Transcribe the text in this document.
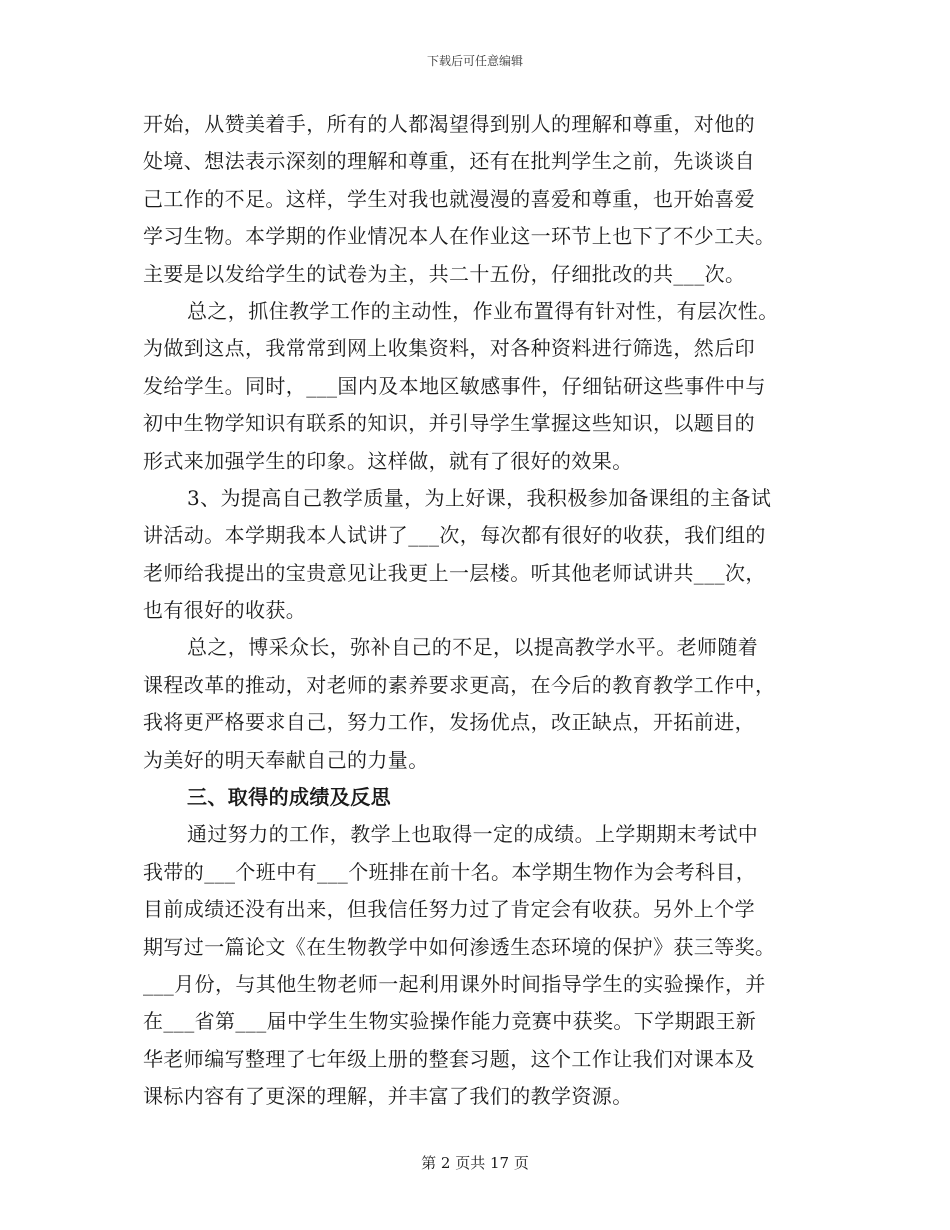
下载后可任意编辑
开始，从赞美着手，所有的人都渴望得到别人的理解和尊重，对他的
处境、想法表示深刻的理解和尊重，还有在批判学生之前，先谈谈自
己工作的不足。这样，学生对我也就漫漫的喜爱和尊重，也开始喜爱
学习生物。本学期的作业情况本人在作业这一环节上也下了不少工夫。
主要是以发给学生的试卷为主，共二十五份，仔细批改的共___次。
总之，抓住教学工作的主动性，作业布置得有针对性，有层次性。
为做到这点，我常常到网上收集资料，对各种资料进行筛选，然后印
发给学生。同时，___国内及本地区敏感事件，仔细钻研这些事件中与
初中生物学知识有联系的知识，并引导学生掌握这些知识，以题目的
形式来加强学生的印象。这样做，就有了很好的效果。
3、为提高自己教学质量，为上好课，我积极参加备课组的主备试
讲活动。本学期我本人试讲了___次，每次都有很好的收获，我们组的
老师给我提出的宝贵意见让我更上一层楼。听其他老师试讲共___次，
也有很好的收获。
总之，博采众长，弥补自己的不足，以提高教学水平。老师随着
课程改革的推动，对老师的素养要求更高，在今后的教育教学工作中，
我将更严格要求自己，努力工作，发扬优点，改正缺点，开拓前进，
为美好的明天奉献自己的力量。
三、取得的成绩及反思
通过努力的工作，教学上也取得一定的成绩。上学期期末考试中
我带的___个班中有___个班排在前十名。本学期生物作为会考科目，
目前成绩还没有出来，但我信任努力过了肯定会有收获。另外上个学
期写过一篇论文《在生物教学中如何渗透生态环境的保护》获三等奖。
___月份，与其他生物老师一起利用课外时间指导学生的实验操作，并
在___省第___届中学生生物实验操作能力竞赛中获奖。下学期跟王新
华老师编写整理了七年级上册的整套习题，这个工作让我们对课本及
课标内容有了更深的理解，并丰富了我们的教学资源。
第 2 页共 17 页
